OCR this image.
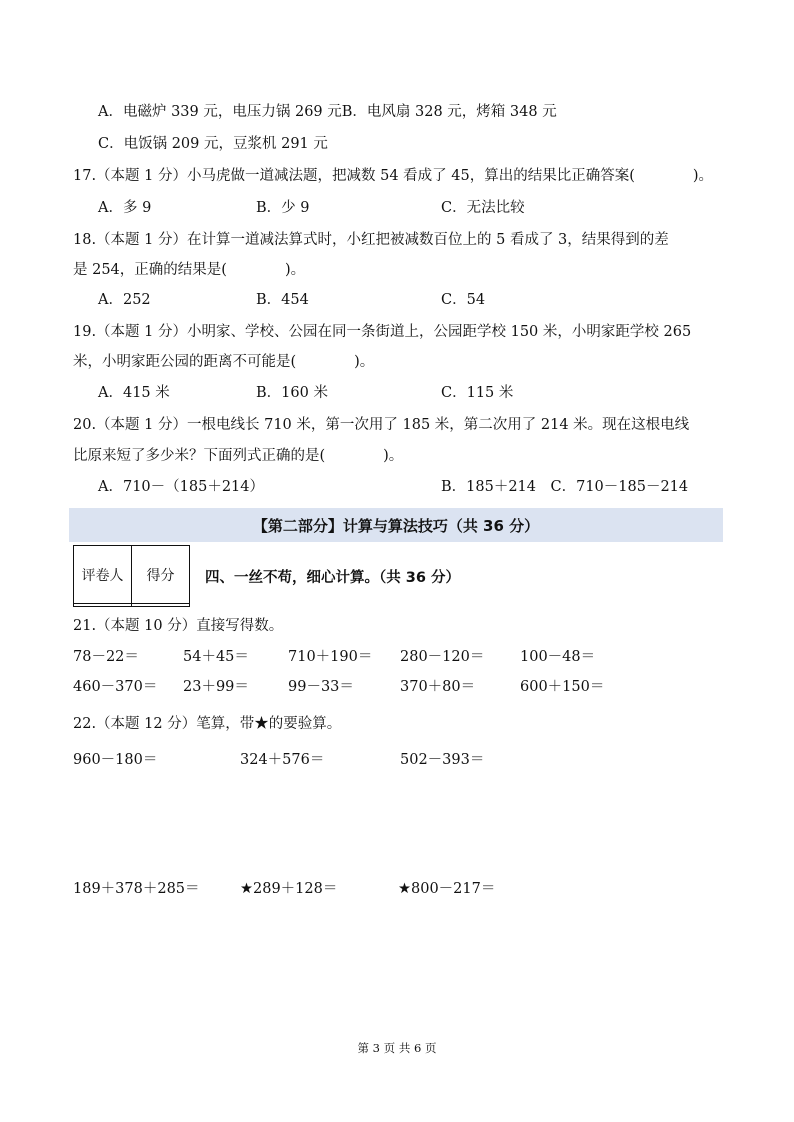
A．电磁炉 339 元，电压力锅 269 元B．电风扇 328 元，烤箱 348 元
C．电饭锅 209 元，豆浆机 291 元
17.（本题 1 分）小马虎做一道减法题，把减数 54 看成了 45，算出的结果比正确答案(　　　　)。
A．多 9	B．少 9	C．无法比较
18.（本题 1 分）在计算一道减法算式时，小红把被减数百位上的 5 看成了 3，结果得到的差
是 254，正确的结果是(　　　　)。
A．252	B．454	C．54
19.（本题 1 分）小明家、学校、公园在同一条街道上，公园距学校 150 米，小明家距学校 265
米，小明家距公园的距离不可能是(　　　　)。
A．415 米	B．160 米	C．115 米
20.（本题 1 分）一根电线长 710 米，第一次用了 185 米，第二次用了 214 米。现在这根电线
比原来短了多少米？下面列式正确的是(　　　　)。
A．710－（185＋214）	B．185＋214　C．710－185－214
【第二部分】计算与算法技巧（共 36 分）
评卷人	得分
	四、一丝不苟，细心计算。（共 36 分）
21.（本题 10 分）直接写得数。
78－22＝	54＋45＝	710＋190＝ 280－120＝ 100－48＝
460－370＝ 23＋99＝	99－33＝	370＋80＝	600＋150＝
22.（本题 12 分）笔算，带★的要验算。
960－180＝	324＋576＝	502－393＝
189＋378＋285＝	★289＋128＝	★800－217＝
第 3 页 共 6 页
